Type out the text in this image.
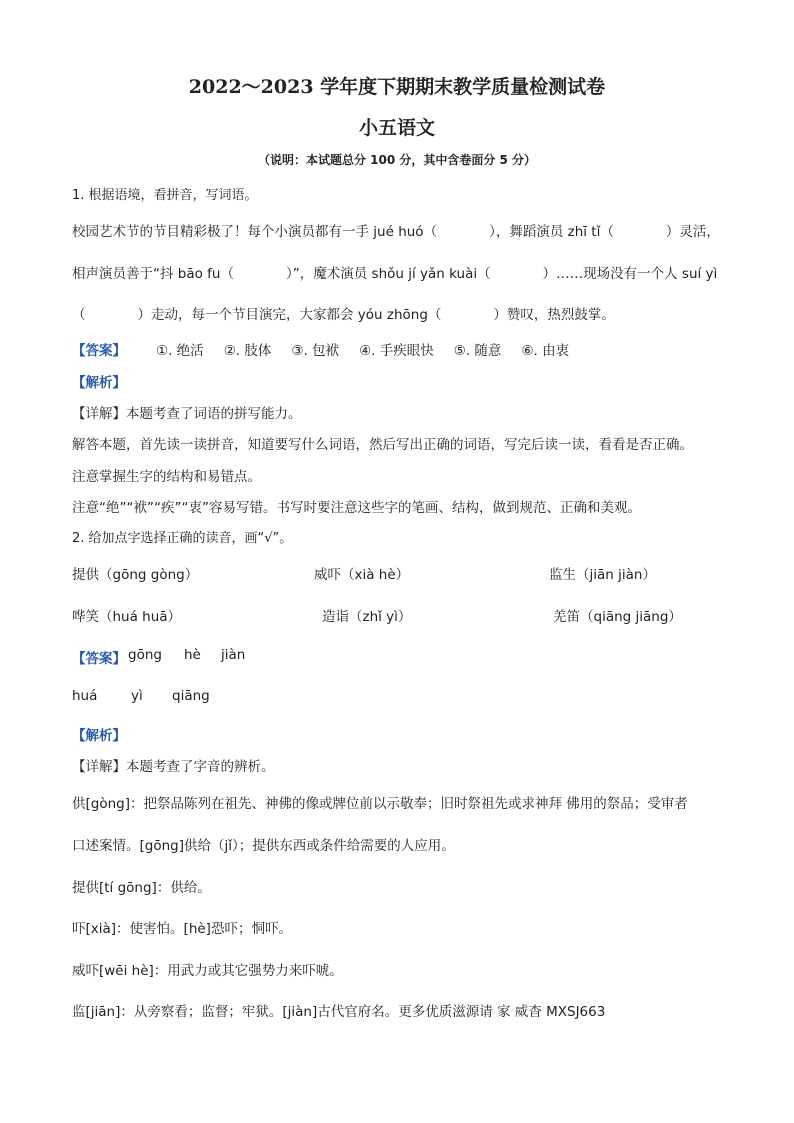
2022～2023 学年度下期期末教学质量检测试卷
小五语文
（说明：本试题总分 100 分，其中含卷面分 5 分）
1. 根据语境，看拼音，写词语。
校园艺术节的节目精彩极了！每个小演员都有一手 jué huó（	），舞蹈演员 zhī tǐ（	）灵活，
相声演员善于“抖 bāo fu（	）”，魔术演员 shǒu jí yǎn kuài（	）……现场没有一个人 suí yì
（	）走动，每一个节目演完，大家都会 yóu zhōng（	）赞叹，热烈鼓掌。
【答案】 ①. 绝活 ②. 肢体 ③. 包袱 ④. 手疾眼快 ⑤. 随意 ⑥. 由衷
【解析】
【详解】本题考查了词语的拼写能力。
解答本题，首先读一读拼音，知道要写什么词语，然后写出正确的词语，写完后读一读，看看是否正确。
注意掌握生字的结构和易错点。
注意“绝”“袱”“疾”“衷”容易写错。书写时要注意这些字的笔画、结构，做到规范、正确和美观。
2. 给加点字选择正确的读音，画“√”。
提供（gōng gòng）	威吓（xià hè）	监生（jiān jiàn）
哗笑（huá huā）	造诣（zhǐ yì）	羌笛（qiāng jiāng）
【答案】 gōng hè jiàn
huá yì qiāng
【解析】
【详解】本题考查了字音的辨析。
供[gòng]：把祭品陈列在祖先、神佛的像或牌位前以示敬奉；旧时祭祖先或求神拜 佛用的祭品；受审者
口述案情。[gōng]供给（jǐ）；提供东西或条件给需要的人应用。
提供[tí gōng]：供给。
吓[xià]：使害怕。[hè]恐吓；恫吓。
威吓[wēi hè]：用武力或其它强势力来吓唬。
监[jiān]：从旁察看；监督；牢狱。[jiàn]古代官府名。更多优质滋源请 家 威杳 MXSJ663
